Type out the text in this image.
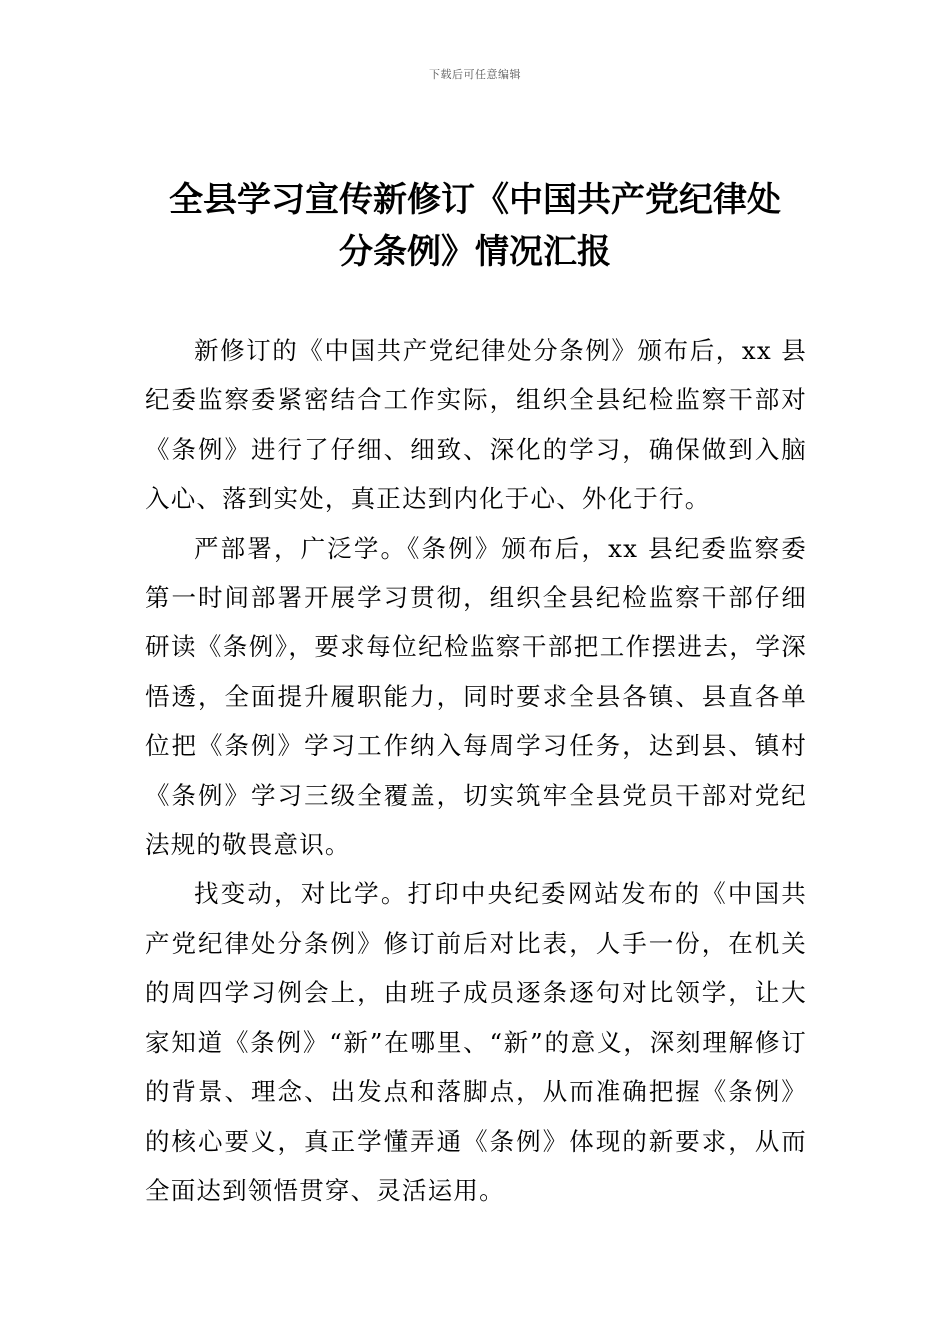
下载后可任意编辑
全县学习宣传新修订《中国共产党纪律处
分条例》情况汇报

新修订的《中国共产党纪律处分条例》颁布后，xx 县纪委监察委紧密结合工作实际，组织全县纪检监察干部对《条例》进行了仔细、细致、深化的学习，确保做到入脑入心、落到实处，真正达到内化于心、外化于行。

严部署，广泛学。《条例》颁布后，xx 县纪委监察委第一时间部署开展学习贯彻，组织全县纪检监察干部仔细研读《条例》，要求每位纪检监察干部把工作摆进去，学深悟透，全面提升履职能力，同时要求全县各镇、县直各单位把《条例》学习工作纳入每周学习任务，达到县、镇村《条例》学习三级全覆盖，切实筑牢全县党员干部对党纪法规的敬畏意识。

找变动，对比学。打印中央纪委网站发布的《中国共产党纪律处分条例》修订前后对比表，人手一份，在机关的周四学习例会上，由班子成员逐条逐句对比领学，让大家知道《条例》“新”在哪里、“新”的意义，深刻理解修订的背景、理念、出发点和落脚点，从而准确把握《条例》的核心要义，真正学懂弄通《条例》体现的新要求，从而全面达到领悟贯穿、灵活运用。
